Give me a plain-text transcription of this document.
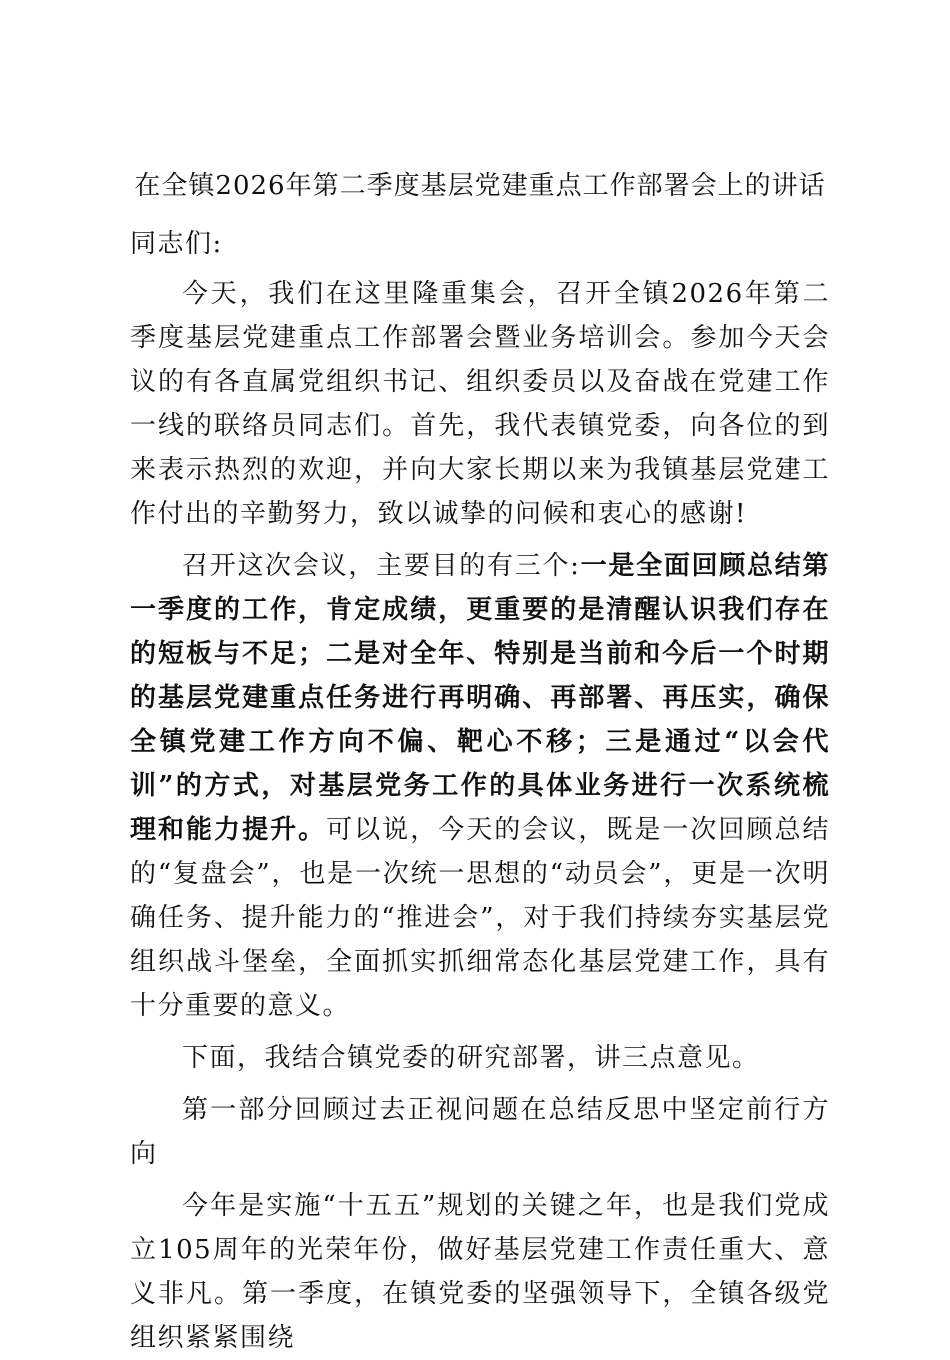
在全镇2026年第二季度基层党建重点工作部署会上的讲话

同志们:

今天，我们在这里隆重集会，召开全镇2026年第二季度基层党建重点工作部署会暨业务培训会。参加今天会议的有各直属党组织书记、组织委员以及奋战在党建工作一线的联络员同志们。首先，我代表镇党委，向各位的到来表示热烈的欢迎，并向大家长期以来为我镇基层党建工作付出的辛勤努力，致以诚挚的问候和衷心的感谢!

召开这次会议，主要目的有三个:一是全面回顾总结第一季度的工作，肯定成绩，更重要的是清醒认识我们存在的短板与不足；二是对全年、特别是当前和今后一个时期的基层党建重点任务进行再明确、再部署、再压实，确保全镇党建工作方向不偏、靶心不移；三是通过“以会代训”的方式，对基层党务工作的具体业务进行一次系统梳理和能力提升。可以说，今天的会议，既是一次回顾总结的“复盘会”，也是一次统一思想的“动员会”，更是一次明确任务、提升能力的“推进会”，对于我们持续夯实基层党组织战斗堡垒，全面抓实抓细常态化基层党建工作，具有十分重要的意义。

下面，我结合镇党委的研究部署，讲三点意见。

第一部分回顾过去正视问题在总结反思中坚定前行方向

今年是实施“十五五”规划的关键之年，也是我们党成立105周年的光荣年份，做好基层党建工作责任重大、意义非凡。第一季度，在镇党委的坚强领导下，全镇各级党组织紧紧围绕
